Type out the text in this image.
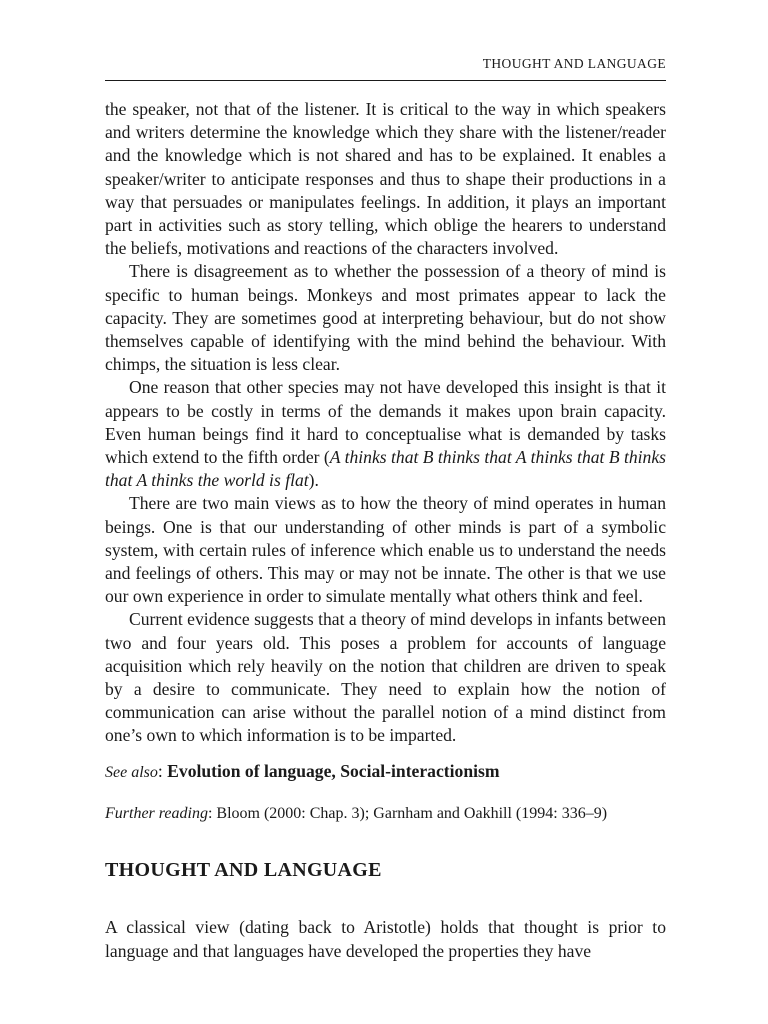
THOUGHT AND LANGUAGE

the speaker, not that of the listener. It is critical to the way in which speakers and writers determine the knowledge which they share with the listener/reader and the knowledge which is not shared and has to be explained. It enables a speaker/writer to anticipate responses and thus to shape their productions in a way that persuades or manipulates feelings. In addition, it plays an important part in activities such as story telling, which oblige the hearers to understand the beliefs, motivations and reactions of the characters involved.

There is disagreement as to whether the possession of a theory of mind is specific to human beings. Monkeys and most primates appear to lack the capacity. They are sometimes good at interpreting behaviour, but do not show themselves capable of identifying with the mind behind the behaviour. With chimps, the situation is less clear.

One reason that other species may not have developed this insight is that it appears to be costly in terms of the demands it makes upon brain capacity. Even human beings find it hard to conceptualise what is demanded by tasks which extend to the fifth order (A thinks that B thinks that A thinks that B thinks that A thinks the world is flat).

There are two main views as to how the theory of mind operates in human beings. One is that our understanding of other minds is part of a symbolic system, with certain rules of inference which enable us to understand the needs and feelings of others. This may or may not be innate. The other is that we use our own experience in order to simulate mentally what others think and feel.

Current evidence suggests that a theory of mind develops in infants between two and four years old. This poses a problem for accounts of language acquisition which rely heavily on the notion that children are driven to speak by a desire to communicate. They need to explain how the notion of communication can arise without the parallel notion of a mind distinct from one’s own to which information is to be imparted.

See also: Evolution of language, Social-interactionism

Further reading: Bloom (2000: Chap. 3); Garnham and Oakhill (1994: 336–9)

THOUGHT AND LANGUAGE

A classical view (dating back to Aristotle) holds that thought is prior to language and that languages have developed the properties they have
